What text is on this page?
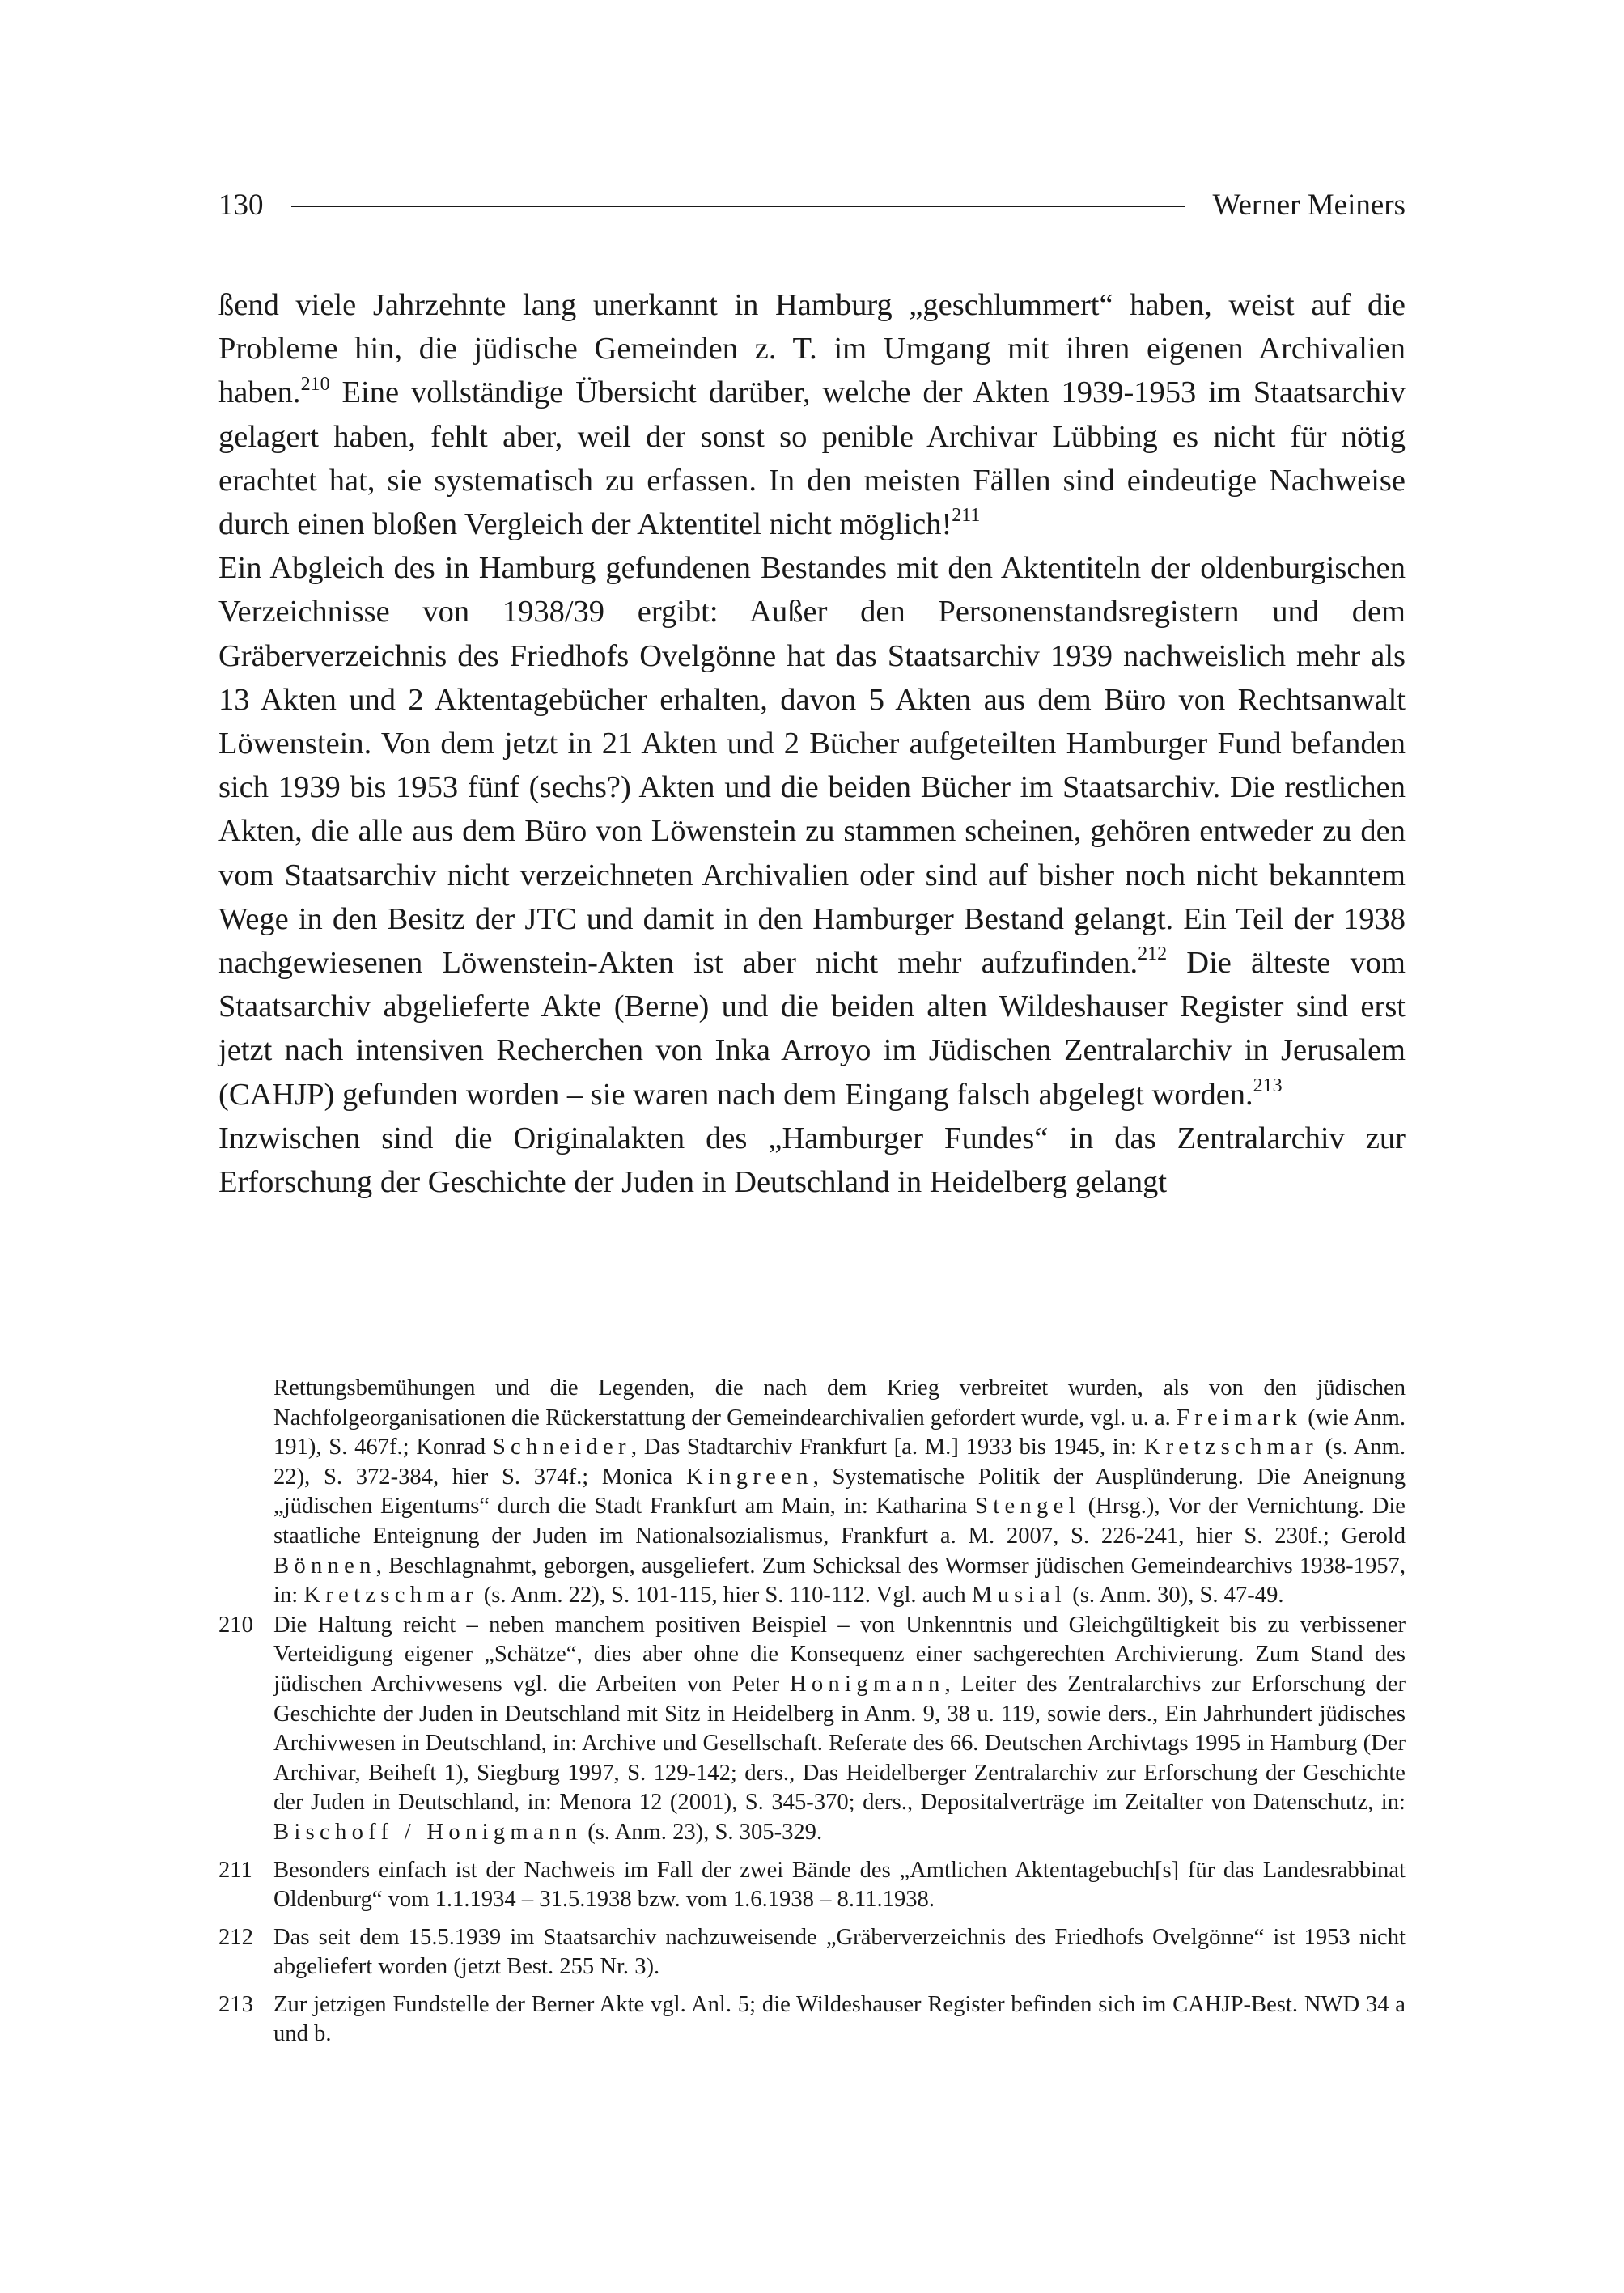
130	Werner Meiners

ßend viele Jahrzehnte lang unerkannt in Hamburg „geschlummert“ haben, weist auf die Probleme hin, die jüdische Gemeinden z. T. im Umgang mit ihren eigenen Archivalien haben.$^{210}$ Eine vollständige Übersicht darüber, welche der Akten 1939-1953 im Staatsarchiv gelagert haben, fehlt aber, weil der sonst so penible Archivar Lübbing es nicht für nötig erachtet hat, sie systematisch zu erfassen. In den meisten Fällen sind eindeutige Nachweise durch einen bloßen Vergleich der Aktentitel nicht möglich!$^{211}$

Ein Abgleich des in Hamburg gefundenen Bestandes mit den Aktentiteln der oldenburgischen Verzeichnisse von 1938/39 ergibt: Außer den Personenstandsregistern und dem Gräberverzeichnis des Friedhofs Ovelgönne hat das Staatsarchiv 1939 nachweislich mehr als 13 Akten und 2 Aktentagebücher erhalten, davon 5 Akten aus dem Büro von Rechtsanwalt Löwenstein. Von dem jetzt in 21 Akten und 2 Bücher aufgeteilten Hamburger Fund befanden sich 1939 bis 1953 fünf (sechs?) Akten und die beiden Bücher im Staatsarchiv. Die restlichen Akten, die alle aus dem Büro von Löwenstein zu stammen scheinen, gehören entweder zu den vom Staatsarchiv nicht verzeichneten Archivalien oder sind auf bisher noch nicht bekanntem Wege in den Besitz der JTC und damit in den Hamburger Bestand gelangt. Ein Teil der 1938 nachgewiesenen Löwenstein-Akten ist aber nicht mehr aufzufinden.$^{212}$ Die älteste vom Staatsarchiv abgelieferte Akte (Berne) und die beiden alten Wildeshauser Register sind erst jetzt nach intensiven Recherchen von Inka Arroyo im Jüdischen Zentralarchiv in Jerusalem (CAHJP) gefunden worden – sie waren nach dem Eingang falsch abgelegt worden.$^{213}$

Inzwischen sind die Originalakten des „Hamburger Fundes“ in das Zentralarchiv zur Erforschung der Geschichte der Juden in Deutschland in Heidelberg gelangt

Rettungsbemühungen und die Legenden, die nach dem Krieg verbreitet wurden, als von den jüdischen Nachfolgeorganisationen die Rückerstattung der Gemeindearchivalien gefordert wurde, vgl. u. a. Freimark (wie Anm. 191), S. 467f.; Konrad Schneider, Das Stadtarchiv Frankfurt [a. M.] 1933 bis 1945, in: Kretzschmar (s. Anm. 22), S. 372-384, hier S. 374f.; Monica Kingreen, Systematische Politik der Ausplünderung. Die Aneignung „jüdischen Eigentums“ durch die Stadt Frankfurt am Main, in: Katharina Stengel (Hrsg.), Vor der Vernichtung. Die staatliche Enteignung der Juden im Nationalsozialismus, Frankfurt a. M. 2007, S. 226-241, hier S. 230f.; Gerold Bönnen, Beschlagnahmt, geborgen, ausgeliefert. Zum Schicksal des Wormser jüdischen Gemeindearchivs 1938-1957, in: Kretzschmar (s. Anm. 22), S. 101-115, hier S. 110-112. Vgl. auch Musial (s. Anm. 30), S. 47-49.

210 Die Haltung reicht – neben manchem positiven Beispiel – von Unkenntnis und Gleichgültigkeit bis zu verbissener Verteidigung eigener „Schätze“, dies aber ohne die Konsequenz einer sachgerechten Archivierung. Zum Stand des jüdischen Archivwesens vgl. die Arbeiten von Peter Honigmann, Leiter des Zentralarchivs zur Erforschung der Geschichte der Juden in Deutschland mit Sitz in Heidelberg in Anm. 9, 38 u. 119, sowie ders., Ein Jahrhundert jüdisches Archivwesen in Deutschland, in: Archive und Gesellschaft. Referate des 66. Deutschen Archivtags 1995 in Hamburg (Der Archivar, Beiheft 1), Siegburg 1997, S. 129-142; ders., Das Heidelberger Zentralarchiv zur Erforschung der Geschichte der Juden in Deutschland, in: Menora 12 (2001), S. 345-370; ders., Depositalverträge im Zeitalter von Datenschutz, in: Bischoff / Honigmann (s. Anm. 23), S. 305-329.
211 Besonders einfach ist der Nachweis im Fall der zwei Bände des „Amtlichen Aktentagebuch[s] für das Landesrabbinat Oldenburg“ vom 1.1.1934 – 31.5.1938 bzw. vom 1.6.1938 – 8.11.1938.
212 Das seit dem 15.5.1939 im Staatsarchiv nachzuweisende „Gräberverzeichnis des Friedhofs Ovelgönne“ ist 1953 nicht abgeliefert worden (jetzt Best. 255 Nr. 3).
213 Zur jetzigen Fundstelle der Berner Akte vgl. Anl. 5; die Wildeshauser Register befinden sich im CAHJP-Best. NWD 34 a und b.
